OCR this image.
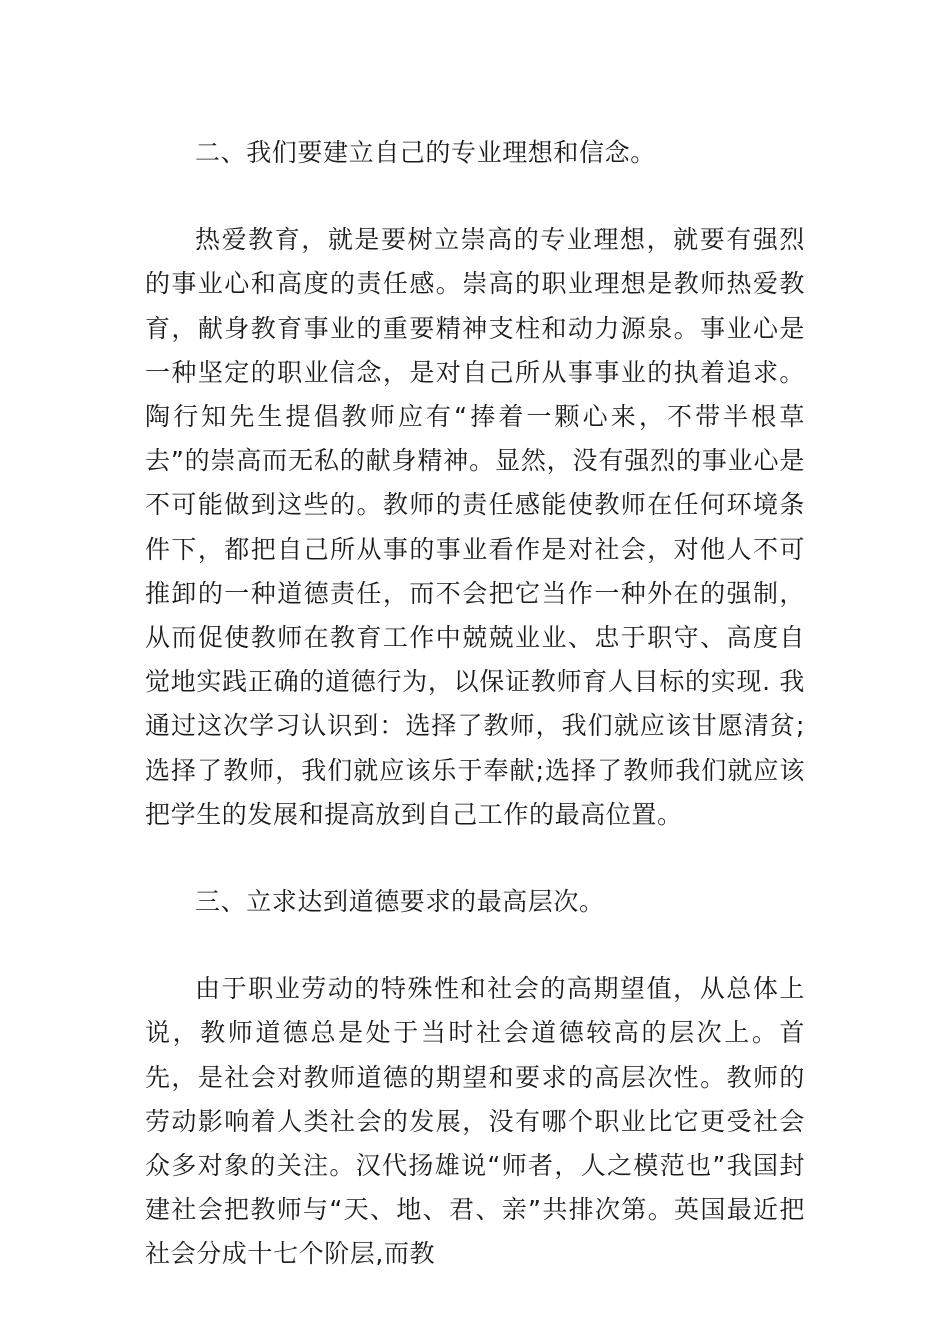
二、我们要建立自己的专业理想和信念。

热爱教育，就是要树立崇高的专业理想，就要有强烈的事业心和高度的责任感。崇高的职业理想是教师热爱教育，献身教育事业的重要精神支柱和动力源泉。事业心是一种坚定的职业信念，是对自己所从事事业的执着追求。陶行知先生提倡教师应有“捧着一颗心来，不带半根草去”的崇高而无私的献身精神。显然，没有强烈的事业心是不可能做到这些的。教师的责任感能使教师在任何环境条件下，都把自己所从事的事业看作是对社会，对他人不可推卸的一种道德责任，而不会把它当作一种外在的强制，从而促使教师在教育工作中兢兢业业、忠于职守、高度自觉地实践正确的道德行为，以保证教师育人目标的实现. 我通过这次学习认识到：选择了教师，我们就应该甘愿清贫;选择了教师，我们就应该乐于奉献;选择了教师我们就应该把学生的发展和提高放到自己工作的最高位置。

三、立求达到道德要求的最高层次。

由于职业劳动的特殊性和社会的高期望值，从总体上说，教师道德总是处于当时社会道德较高的层次上。首先，是社会对教师道德的期望和要求的高层次性。教师的劳动影响着人类社会的发展，没有哪个职业比它更受社会众多对象的关注。汉代扬雄说“师者，人之模范也”我国封建社会把教师与“天、地、君、亲”共排次第。英国最近把社会分成十七个阶层,而教
